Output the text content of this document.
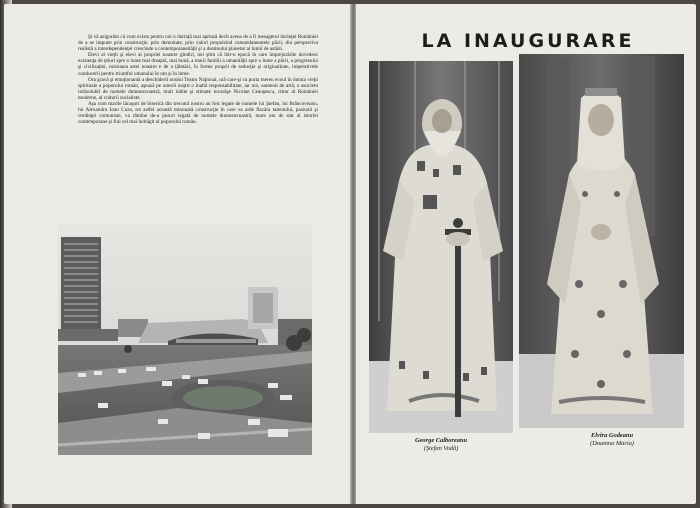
Şi vă asigurăm că vom exista pentru noi o dorinţă mai aprinsă decît aceea de a fi mesagerul dorinţei României de a se impune prin construcţie, prin demnitate, prin valori propulsînd comandamentele păcii, din perspectiva realistă a interdependenţei crescînde a contemporaneităţii şi a destinului planetar al lumii de astăzi.

Elevi ai vieţii şi elevi ai propriei noastre gîndiri, noi ştim că într-o epocă în care împrejurările dovedesc existenţa de ţeluri spre o lume mai dreaptă, mai bună, a marii familii a umanităţii spre o lume a păcii, a progresului şi civilizaţiei, misiunea artei noastre e de a ţâlmăci, în forme proprii de seducţie şi originalitate, imperativele conducerii pentru triumful umanului în om şi în lume.

Ora gravă şi emoţionantă a deschiderii noului Teatru Naţional, ură care-şi va purta mereu ecoul în durata vieţii spirituale a poporului român, aşează pe umerii noştri o înaltă responsabilitate, iar noi, oamenii de artă, o asociem indisolubil de numele dumneavoastră, mult iubite şi stimate tovarăşe Nicolae Ceauşescu, ctitor al României moderne, al culturii socialiste.

Aşa cum marile lăcaşuri de biserică din trecutul nostru au fost legate de numele lui Ştefan, lui Brâncoveanu, lui Alexandru Ioan Cuza, tot astfel această minunată construcţie în care va arde flacăra talentului, pasiunii şi credinţei comuniste, va rămîne de-a pururi legată de numele dumneavoastră, mare om de stat al istoriei contemporane şi fiul cel mai îndrăgit al poporului român.

LA INAUGURARE
George Calboreanu
(Ştefan Vodă)
Elvira Godeanu
(Doamna Maria)
